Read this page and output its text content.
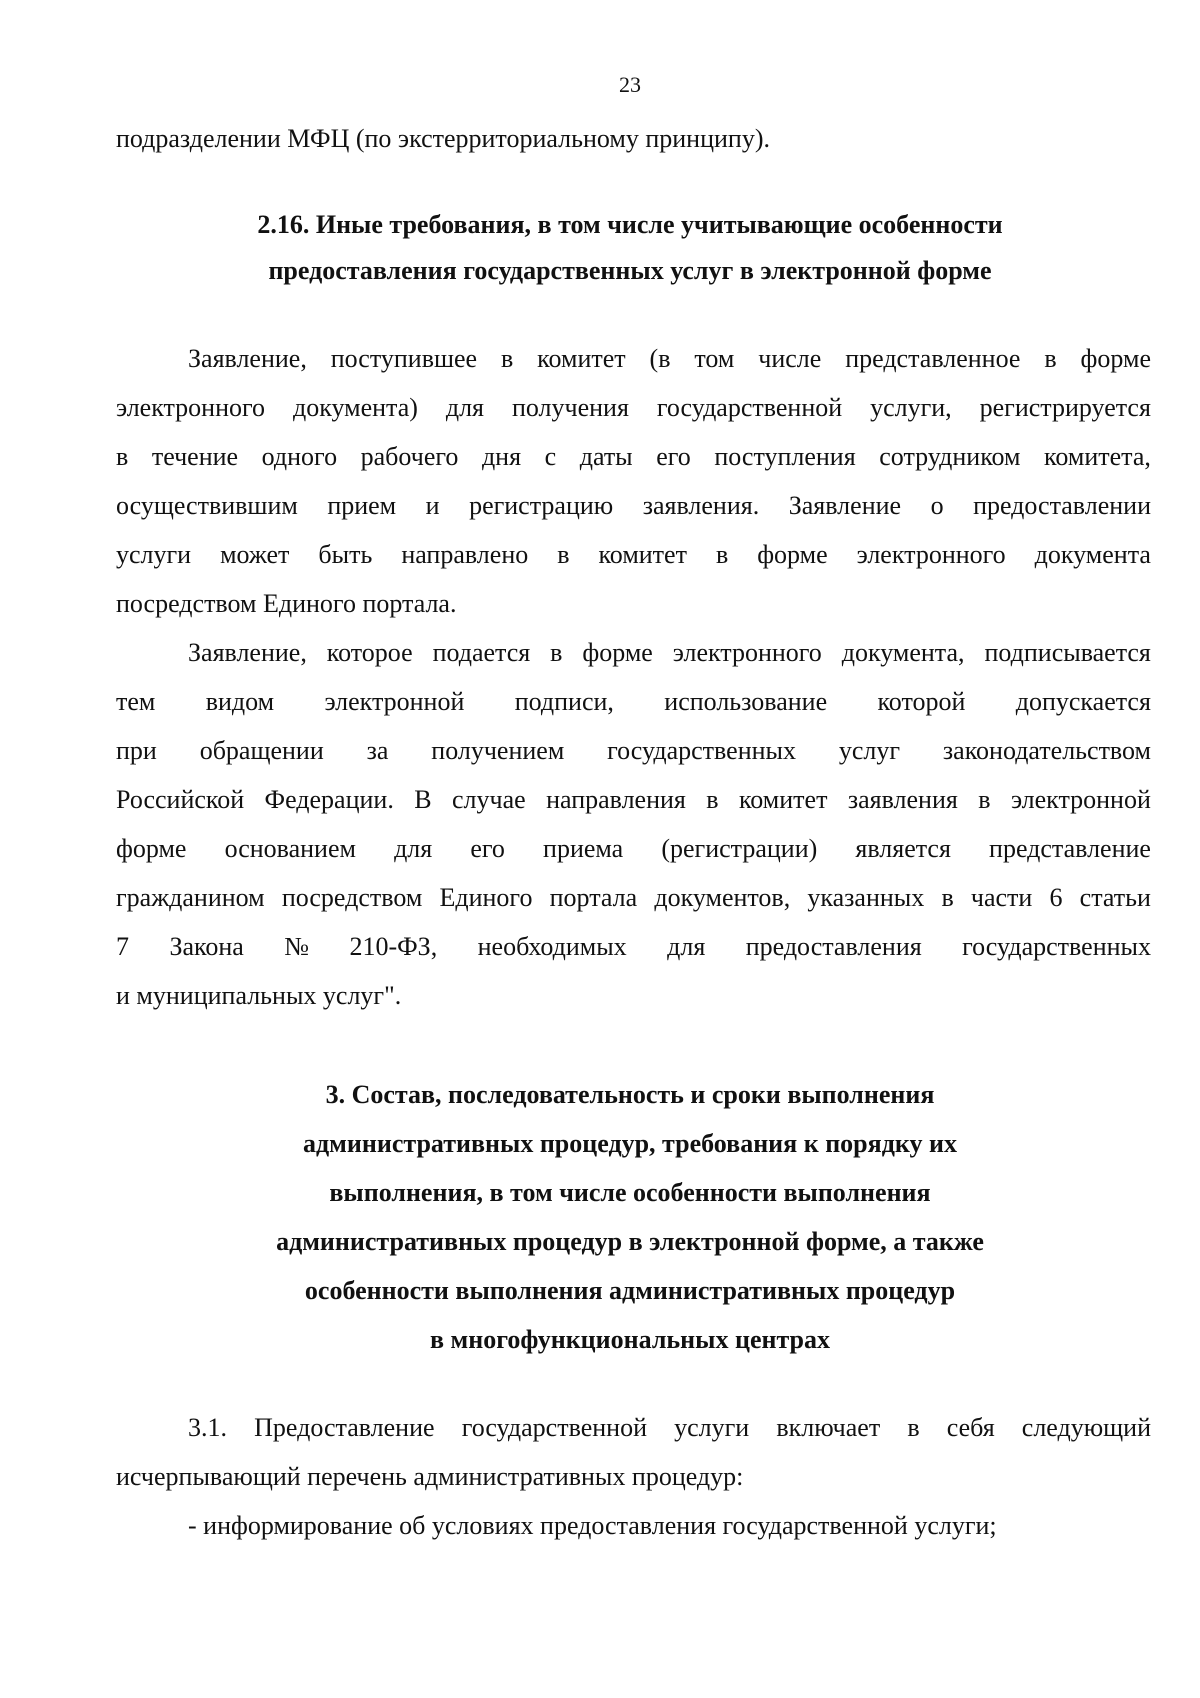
23
подразделении МФЦ (по экстерриториальному принципу).
2.16. Иные требования, в том числе учитывающие особенности
предоставления государственных услуг в электронной форме
Заявление, поступившее в комитет (в том числе представленное в форме
электронного документа) для получения государственной услуги, регистрируется
в течение одного рабочего дня с даты его поступления сотрудником комитета,
осуществившим прием и регистрацию заявления. Заявление о предоставлении
услуги может быть направлено в комитет в форме электронного документа
посредством Единого портала.
Заявление, которое подается в форме электронного документа, подписывается
тем видом электронной подписи, использование которой допускается
при обращении за получением государственных услуг законодательством
Российской Федерации. В случае направления в комитет заявления в электронной
форме основанием для его приема (регистрации) является представление
гражданином посредством Единого портала документов, указанных в части 6 статьи
7 Закона № 210-ФЗ, необходимых для предоставления государственных
и муниципальных услуг".
3. Состав, последовательность и сроки выполнения
административных процедур, требования к порядку их
выполнения, в том числе особенности выполнения
административных процедур в электронной форме, а также
особенности выполнения административных процедур
в многофункциональных центрах
3.1. Предоставление государственной услуги включает в себя следующий
исчерпывающий перечень административных процедур:
- информирование об условиях предоставления государственной услуги;
